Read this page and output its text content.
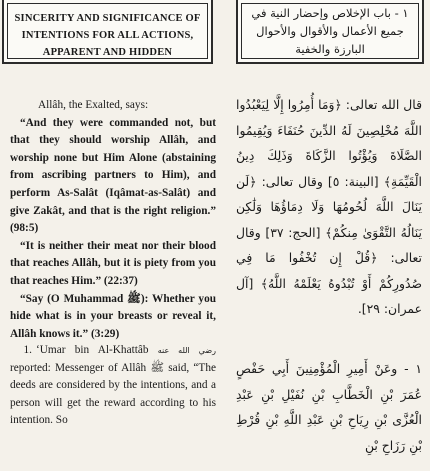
SINCERITY AND SIGNIFICANCE OF
INTENTIONS FOR ALL ACTIONS,
APPARENT AND HIDDEN
١ - باب الإخلاص وإحضار النية في
جميع الأعمال والأقوال والأحوال
البارزة والخفية

Allâh, the Exalted, says:

“And they were commanded not, but that they should worship Allâh, and worship none but Him Alone (abstaining from ascribing partners to Him), and perform As-Salât (Iqâmat-as-Salât) and give Zakât, and that is the right religion.” (98:5)

“It is neither their meat nor their blood that reaches Allâh, but it is piety from you that reaches Him.” (22:37)

“Say (O Muhammad ﷺ): Whether you hide what is in your breasts or reveal it, Allâh knows it.” (3:29)

1. ‘Umar bin Al-Khattâb رضي الله عنه reported: Messenger of Allâh ﷺ said, “The deeds are considered by the intentions, and a person will get the reward according to his intention. So

قال الله تعالى: ﴿وَمَا أُمِرُوا إِلَّا لِيَعْبُدُوا اللَّهَ مُخْلِصِينَ لَهُ الدِّينَ حُنَفَاءَ وَيُقِيمُوا الصَّلَاةَ وَيُؤْتُوا الزَّكَاةَ وَذَلِكَ دِينُ الْقَيِّمَةِ﴾ [البينة: ٥] وقال تعالى: ﴿لَن يَنَالَ اللَّهَ لُحُومُهَا وَلَا دِمَاؤُهَا وَلَٰكِن يَنَالُهُ التَّقْوَىٰ مِنكُمْ﴾ [الحج: ٣٧] وقال تعالى: ﴿قُلْ إِن تُخْفُوا مَا فِي صُدُورِكُمْ أَوْ تُبْدُوهُ يَعْلَمْهُ اللَّهُ﴾ [آل عمران: ٢٩].

١ - وعَنْ أَمِيرِ الْمُؤْمِنِينَ أَبِي حَفْصٍ عُمَرَ بْنِ الْخَطَّابِ بْنِ نُفَيْلِ بْنِ عَبْدِ الْعُزَّى بْنِ رِيَاحِ بْنِ عَبْدِ اللَّهِ بْنِ قُرْطِ بْنِ رَزَاحِ بْنِ
